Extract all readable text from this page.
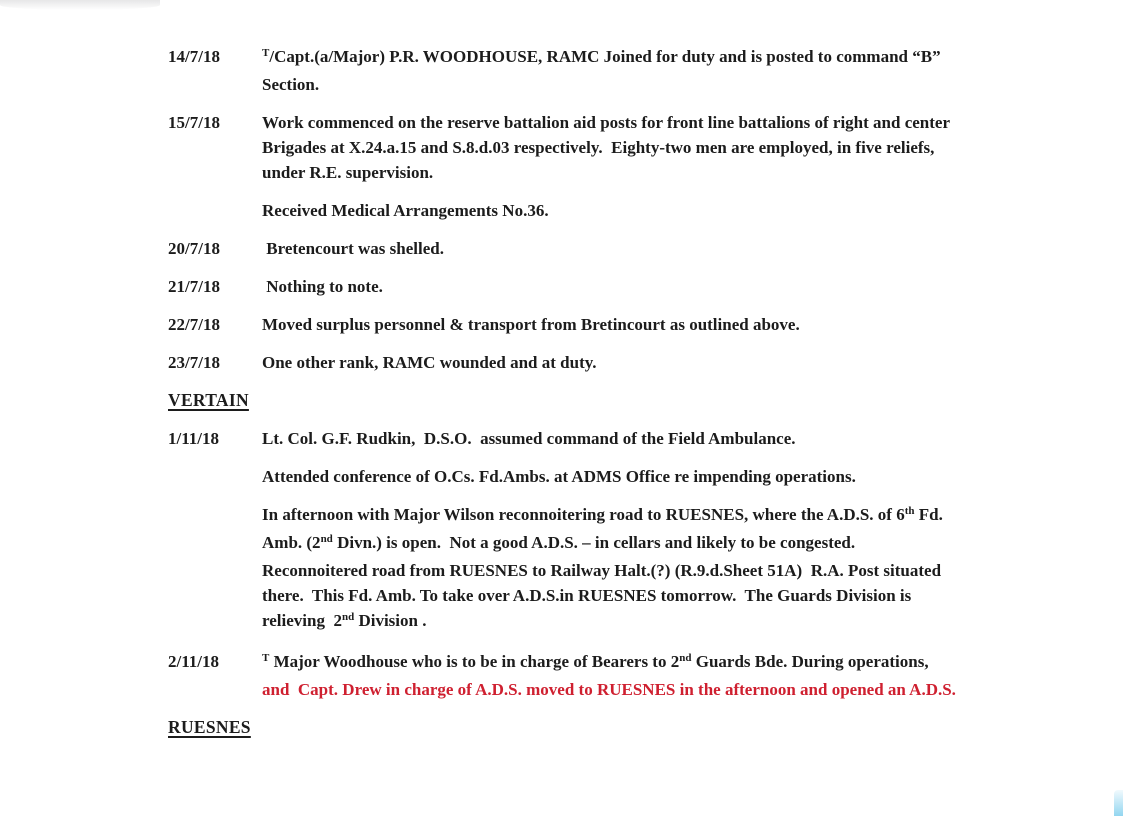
14/7/18	$^T$/Capt.(a/Major) P.R. WOODHOUSE, RAMC Joined for duty and is posted to command “B”
Section.
15/7/18	Work commenced on the reserve battalion aid posts for front line battalions of right and center
Brigades at X.24.a.15 and S.8.d.03 respectively.  Eighty-two men are employed, in five reliefs,
under R.E. supervision.
Received Medical Arrangements No.36.
20/7/18	Bretencourt was shelled.
21/7/18	Nothing to note.
22/7/18	Moved surplus personnel & transport from Bretincourt as outlined above.
23/7/18	One other rank, RAMC wounded and at duty.
VERTAIN
1/11/18	Lt. Col. G.F. Rudkin,  D.S.O.  assumed command of the Field Ambulance.
Attended conference of O.Cs. Fd.Ambs. at ADMS Office re impending operations.
In afternoon with Major Wilson reconnoitering road to RUESNES, where the A.D.S. of 6th Fd.
Amb. (2nd Divn.) is open.  Not a good A.D.S. – in cellars and likely to be congested.
Reconnoitered road from RUESNES to Railway Halt.(?) (R.9.d.Sheet 51A)  R.A. Post situated
there.  This Fd. Amb. To take over A.D.S.in RUESNES tomorrow.  The Guards Division is
relieving  2nd Division .
2/11/18	$^T$ Major Woodhouse who is to be in charge of Bearers to 2nd Guards Bde. During operations,
and  Capt. Drew in charge of A.D.S. moved to RUESNES in the afternoon and opened an A.D.S.
RUESNES
